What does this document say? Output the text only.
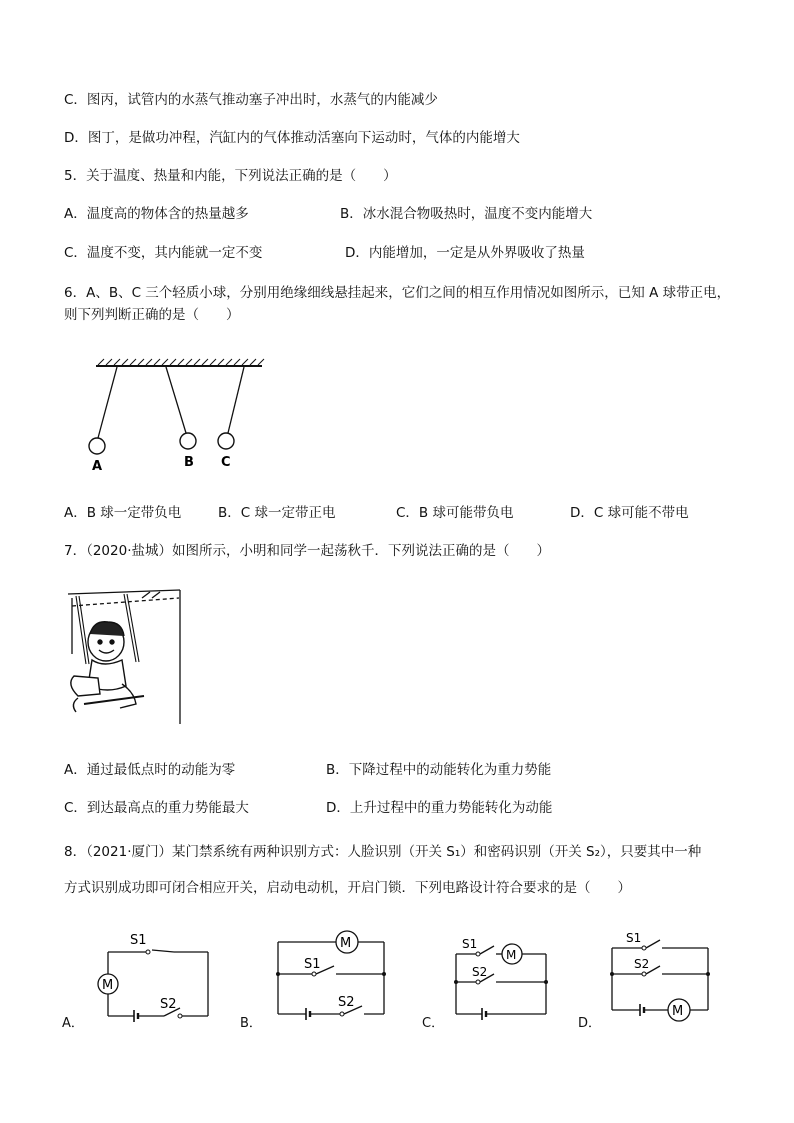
C．图丙，试管内的水蒸气推动塞子冲出时，水蒸气的内能减少
D．图丁，是做功冲程，汽缸内的气体推动活塞向下运动时，气体的内能增大
5．关于温度、热量和内能，下列说法正确的是（　　）
A．温度高的物体含的热量越多	B．冰水混合物吸热时，温度不变内能增大
C．温度不变，其内能就一定不变	D．内能增加，一定是从外界吸收了热量
6．A、B、C 三个轻质小球，分别用绝缘细线悬挂起来，它们之间的相互作用情况如图所示，已知 A 球带正电，
则下列判断正确的是（　　）
A	B C
A．B 球一定带负电	B．C 球一定带正电	C．B 球可能带负电	D．C 球可能不带电
7．（2020·盐城）如图所示，小明和同学一起荡秋千．下列说法正确的是（　　）
A．通过最低点时的动能为零	B．下降过程中的动能转化为重力势能
C．到达最高点的重力势能最大	D．上升过程中的重力势能转化为动能
8．（2021·厦门）某门禁系统有两种识别方式：人脸识别（开关 S₁）和密码识别（开关 S₂），只要其中一种
方式识别成功即可闭合相应开关，启动电动机，开启门锁．下列电路设计符合要求的是（　　）
M
S1
S2
A．
M
S1
S2
B．
M
S1
S2
C．
M
S1
S2
D．
